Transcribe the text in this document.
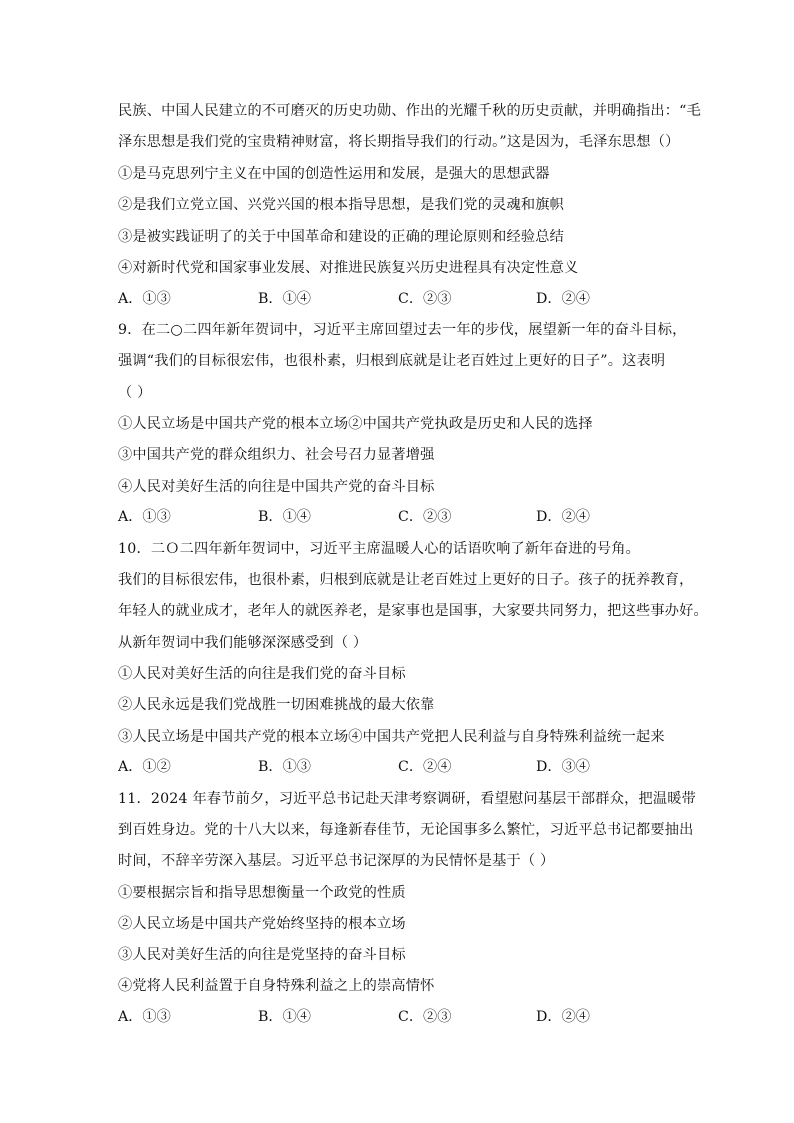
民族、中国人民建立的不可磨灭的历史功勋、作出的光耀千秋的历史贡献，并明确指出：“毛
泽东思想是我们党的宝贵精神财富，将长期指导我们的行动。”这是因为，毛泽东思想（）
①是马克思列宁主义在中国的创造性运用和发展，是强大的思想武器
②是我们立党立国、兴党兴国的根本指导思想，是我们党的灵魂和旗帜
③是被实践证明了的关于中国革命和建设的正确的理论原则和经验总结
④对新时代党和国家事业发展、对推进民族复兴历史进程具有决定性意义
A．①③	B．①④	C．②③	D．②④
9．在二○二四年新年贺词中，习近平主席回望过去一年的步伐，展望新一年的奋斗目标，
强调“我们的目标很宏伟，也很朴素，归根到底就是让老百姓过上更好的日子”。这表明
（ ）
①人民立场是中国共产党的根本立场②中国共产党执政是历史和人民的选择
③中国共产党的群众组织力、社会号召力显著增强
④人民对美好生活的向往是中国共产党的奋斗目标
A．①③	B．①④	C．②③	D．②④
10．二Ｏ二四年新年贺词中，习近平主席温暖人心的话语吹响了新年奋进的号角。
我们的目标很宏伟，也很朴素，归根到底就是让老百姓过上更好的日子。孩子的抚养教育，
年轻人的就业成才，老年人的就医养老，是家事也是国事，大家要共同努力，把这些事办好。
从新年贺词中我们能够深深感受到（ ）
①人民对美好生活的向往是我们党的奋斗目标
②人民永远是我们党战胜一切困难挑战的最大依靠
③人民立场是中国共产党的根本立场④中国共产党把人民利益与自身特殊利益统一起来
A．①②	B．①③	C．②④	D．③④
11．2024 年春节前夕，习近平总书记赴天津考察调研，看望慰问基层干部群众，把温暖带
到百姓身边。党的十八大以来，每逢新春佳节，无论国事多么繁忙，习近平总书记都要抽出
时间，不辞辛劳深入基层。习近平总书记深厚的为民情怀是基于（ ）
①要根据宗旨和指导思想衡量一个政党的性质
②人民立场是中国共产党始终坚持的根本立场
③人民对美好生活的向往是党坚持的奋斗目标
④党将人民利益置于自身特殊利益之上的崇高情怀
A．①③	B．①④	C．②③	D．②④
